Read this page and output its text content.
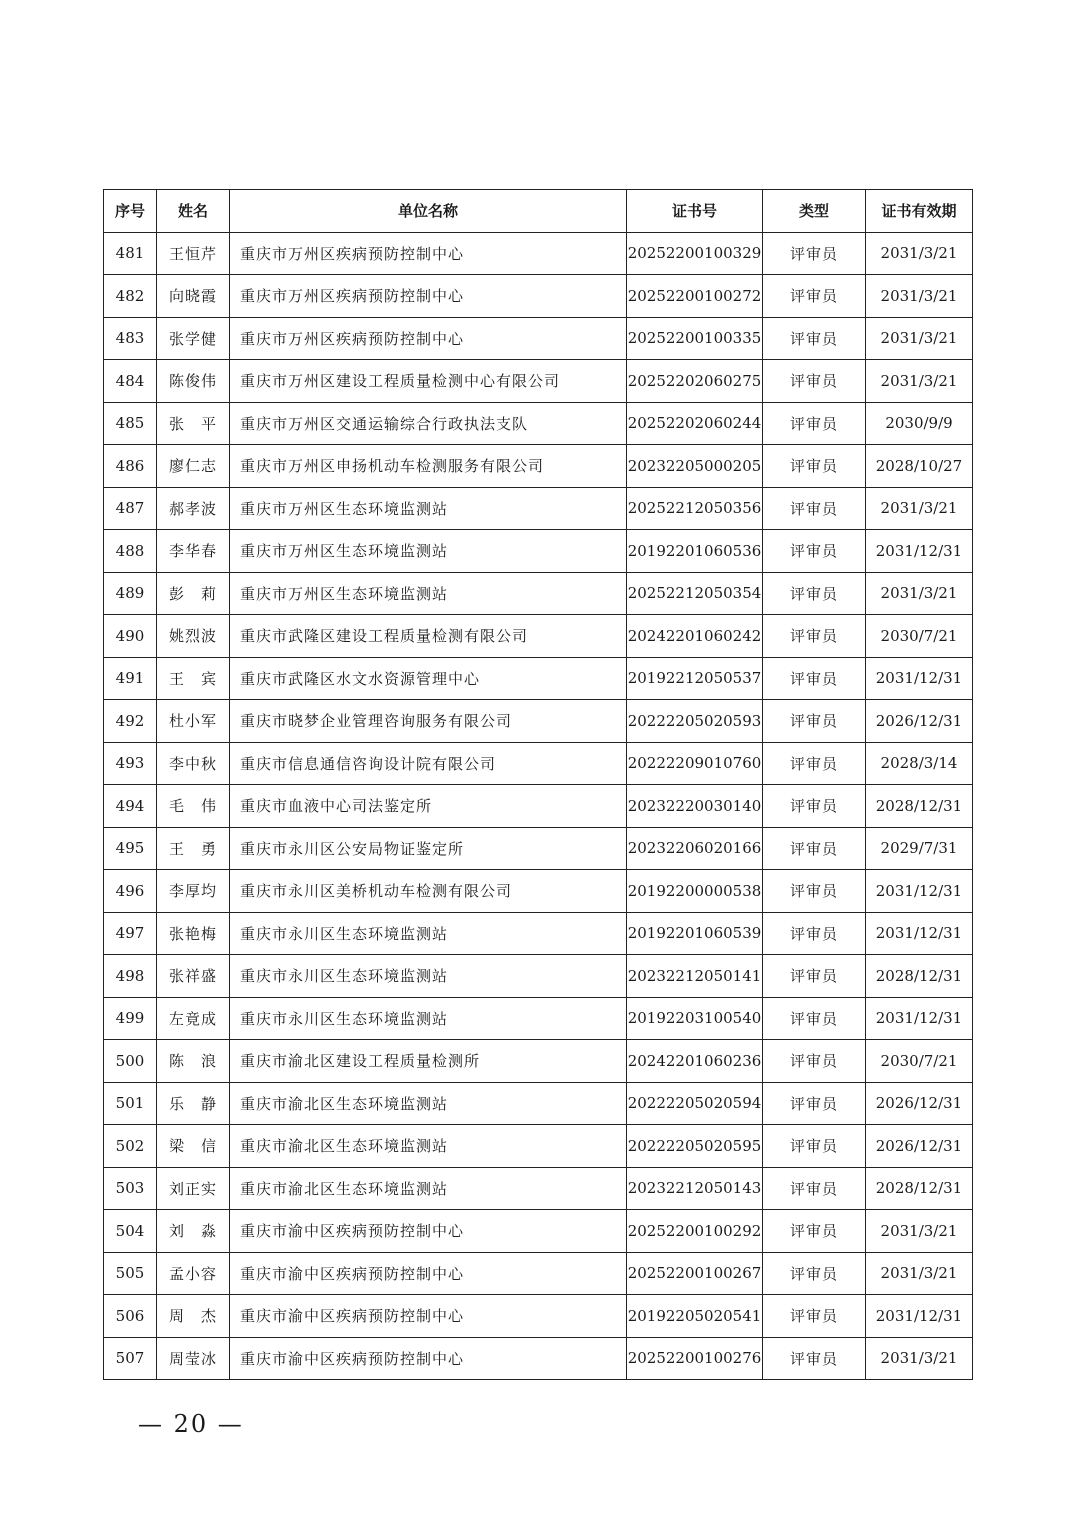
序号	姓名	单位名称	证书号	类型	证书有效期
481	王恒芹	重庆市万州区疾病预防控制中心	20252200100329	评审员	2031/3/21
482	向晓霞	重庆市万州区疾病预防控制中心	20252200100272	评审员	2031/3/21
483	张学健	重庆市万州区疾病预防控制中心	20252200100335	评审员	2031/3/21
484	陈俊伟	重庆市万州区建设工程质量检测中心有限公司	20252202060275	评审员	2031/3/21
485	张　平	重庆市万州区交通运输综合行政执法支队	20252202060244	评审员	2030/9/9
486	廖仁志	重庆市万州区申扬机动车检测服务有限公司	20232205000205	评审员	2028/10/27
487	郝孝波	重庆市万州区生态环境监测站	20252212050356	评审员	2031/3/21
488	李华春	重庆市万州区生态环境监测站	20192201060536	评审员	2031/12/31
489	彭　莉	重庆市万州区生态环境监测站	20252212050354	评审员	2031/3/21
490	姚烈波	重庆市武隆区建设工程质量检测有限公司	20242201060242	评审员	2030/7/21
491	王　宾	重庆市武隆区水文水资源管理中心	20192212050537	评审员	2031/12/31
492	杜小军	重庆市晓梦企业管理咨询服务有限公司	20222205020593	评审员	2026/12/31
493	李中秋	重庆市信息通信咨询设计院有限公司	20222209010760	评审员	2028/3/14
494	毛　伟	重庆市血液中心司法鉴定所	20232220030140	评审员	2028/12/31
495	王　勇	重庆市永川区公安局物证鉴定所	20232206020166	评审员	2029/7/31
496	李厚均	重庆市永川区美桥机动车检测有限公司	20192200000538	评审员	2031/12/31
497	张艳梅	重庆市永川区生态环境监测站	20192201060539	评审员	2031/12/31
498	张祥盛	重庆市永川区生态环境监测站	20232212050141	评审员	2028/12/31
499	左竟成	重庆市永川区生态环境监测站	20192203100540	评审员	2031/12/31
500	陈　浪	重庆市渝北区建设工程质量检测所	20242201060236	评审员	2030/7/21
501	乐　静	重庆市渝北区生态环境监测站	20222205020594	评审员	2026/12/31
502	梁　信	重庆市渝北区生态环境监测站	20222205020595	评审员	2026/12/31
503	刘正实	重庆市渝北区生态环境监测站	20232212050143	评审员	2028/12/31
504	刘　淼	重庆市渝中区疾病预防控制中心	20252200100292	评审员	2031/3/21
505	孟小容	重庆市渝中区疾病预防控制中心	20252200100267	评审员	2031/3/21
506	周　杰	重庆市渝中区疾病预防控制中心	20192205020541	评审员	2031/12/31
507	周莹冰	重庆市渝中区疾病预防控制中心	20252200100276	评审员	2031/3/21
— 20 —
